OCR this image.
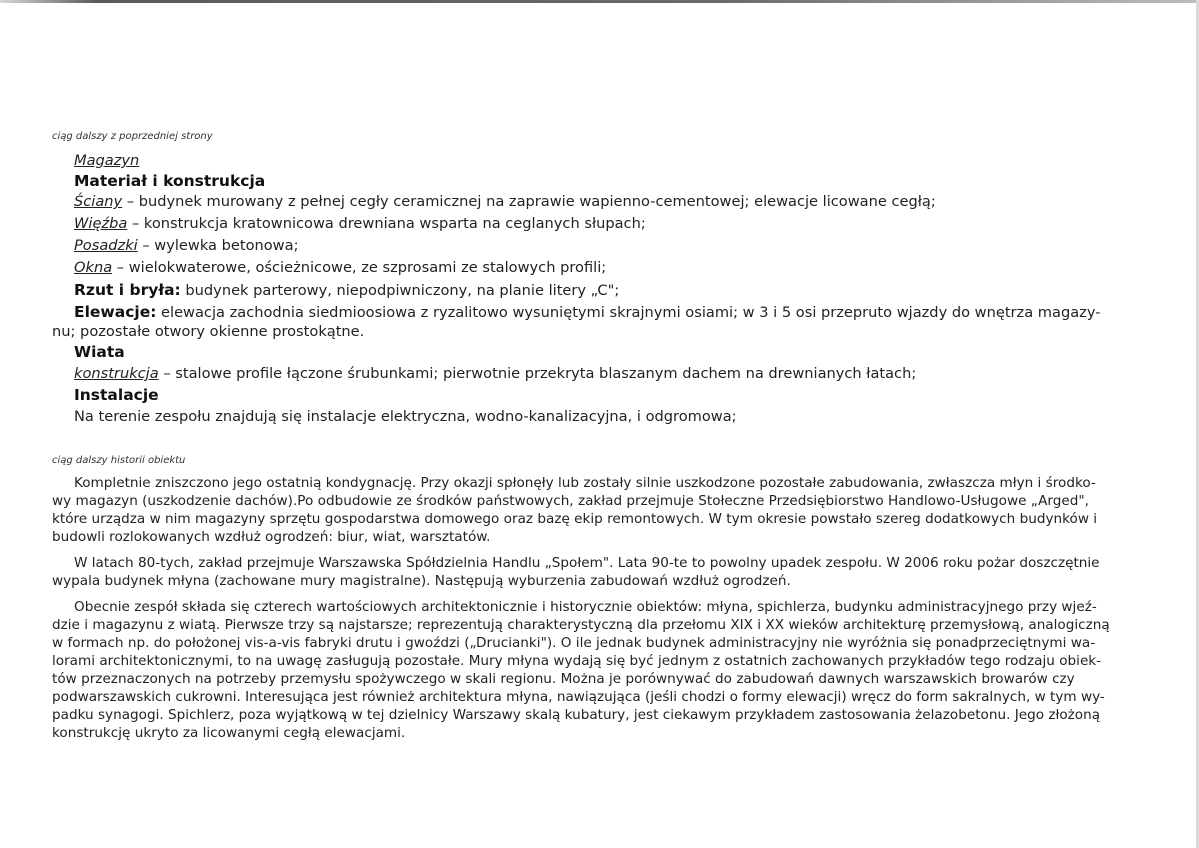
ciąg dalszy z poprzedniej strony
Magazyn
Materiał i konstrukcja
Ściany – budynek murowany z pełnej cegły ceramicznej na zaprawie wapienno-cementowej; elewacje licowane cegłą;
Więźba – konstrukcja kratownicowa drewniana wsparta na ceglanych słupach;
Posadzki – wylewka betonowa;
Okna – wielokwaterowe, ościeżnicowe, ze szprosami ze stalowych profili;
Rzut i bryła: budynek parterowy, niepodpiwniczony, na planie litery „C";
Elewacje: elewacja zachodnia siedmioosiowa z ryzalitowo wysuniętymi skrajnymi osiami; w 3 i 5 osi przepruto wjazdy do wnętrza magazy-
nu; pozostałe otwory okienne prostokątne.
Wiata
konstrukcja – stalowe profile łączone śrubunkami; pierwotnie przekryta blaszanym dachem na drewnianych łatach;
Instalacje
Na terenie zespołu znajdują się instalacje elektryczna, wodno-kanalizacyjna, i odgromowa;
ciąg dalszy historii obiektu
Kompletnie zniszczono jego ostatnią kondygnację. Przy okazji spłonęły lub zostały silnie uszkodzone pozostałe zabudowania, zwłaszcza młyn i środko-
wy magazyn (uszkodzenie dachów).Po odbudowie ze środków państwowych, zakład przejmuje Stołeczne Przedsiębiorstwo Handlowo-Usługowe „Arged",
które urządza w nim magazyny sprzętu gospodarstwa domowego oraz bazę ekip remontowych. W tym okresie powstało szereg dodatkowych budynków i
budowli rozlokowanych wzdłuż ogrodzeń: biur, wiat, warsztatów.
W latach 80-tych, zakład przejmuje Warszawska Spółdzielnia Handlu „Społem". Lata 90-te to powolny upadek zespołu. W 2006 roku pożar doszczętnie
wypala budynek młyna (zachowane mury magistralne). Następują wyburzenia zabudowań wzdłuż ogrodzeń.
Obecnie zespół składa się czterech wartościowych architektonicznie i historycznie obiektów: młyna, spichlerza, budynku administracyjnego przy wjeź-
dzie i magazynu z wiatą. Pierwsze trzy są najstarsze; reprezentują charakterystyczną dla przełomu XIX i XX wieków architekturę przemysłową, analogiczną
w formach np. do położonej vis-a-vis fabryki drutu i gwoździ („Drucianki"). O ile jednak budynek administracyjny nie wyróżnia się ponadprzeciętnymi wa-
lorami architektonicznymi, to na uwagę zasługują pozostałe. Mury młyna wydają się być jednym z ostatnich zachowanych przykładów tego rodzaju obiek-
tów przeznaczonych na potrzeby przemysłu spożywczego w skali regionu. Można je porównywać do zabudowań dawnych warszawskich browarów czy
podwarszawskich cukrowni. Interesująca jest również architektura młyna, nawiązująca (jeśli chodzi o formy elewacji) wręcz do form sakralnych, w tym wy-
padku synagogi. Spichlerz, poza wyjątkową w tej dzielnicy Warszawy skalą kubatury, jest ciekawym przykładem zastosowania żelazobetonu. Jego złożoną
konstrukcję ukryto za licowanymi cegłą elewacjami.
